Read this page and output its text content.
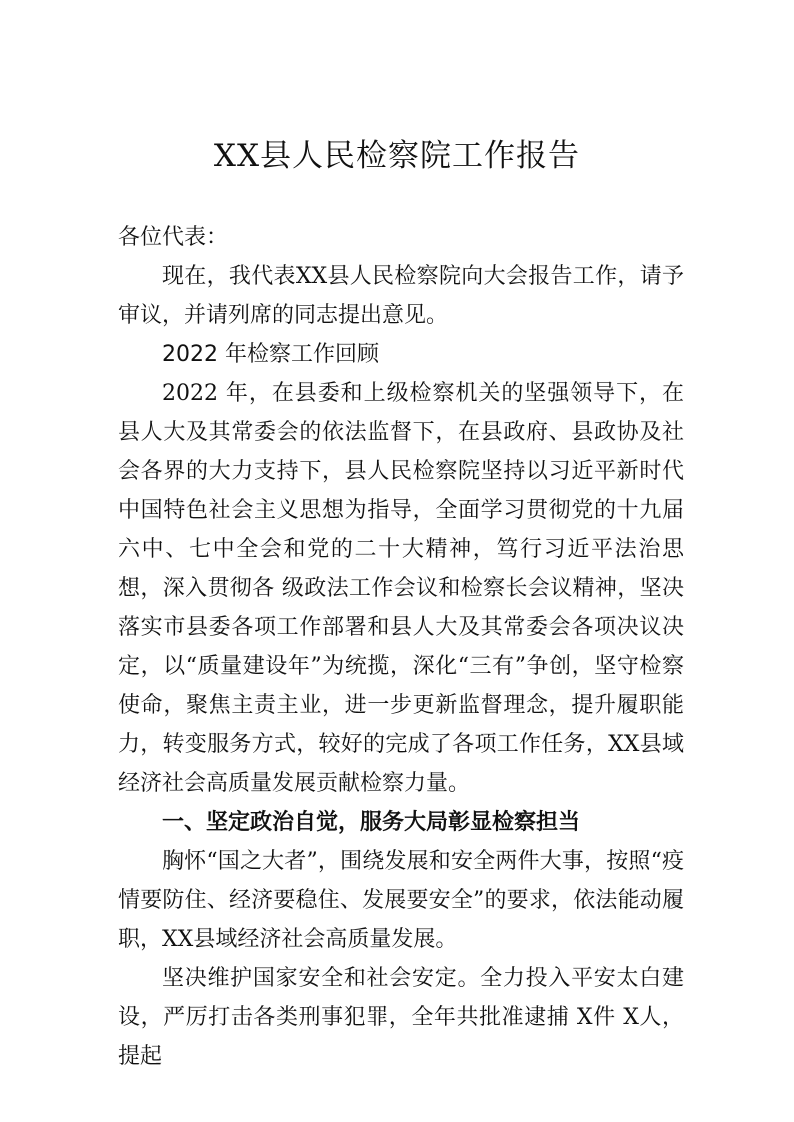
XX县人民检察院工作报告

各位代表：

现在，我代表XX县人民检察院向大会报告工作，请予审议，并请列席的同志提出意见。

2022 年检察工作回顾

2022 年，在县委和上级检察机关的坚强领导下，在县人大及其常委会的依法监督下，在县政府、县政协及社会各界的大力支持下，县人民检察院坚持以习近平新时代中国特色社会主义思想为指导，全面学习贯彻党的十九届六中、七中全会和党的二十大精神，笃行习近平法治思想，深入贯彻各 级政法工作会议和检察长会议精神，坚决落实市县委各项工作部署和县人大及其常委会各项决议决定，以“质量建设年”为统揽，深化“三有”争创，坚守检察使命，聚焦主责主业，进一步更新监督理念，提升履职能力，转变服务方式，较好的完成了各项工作任务，XX县域经济社会高质量发展贡献检察力量。

一、坚定政治自觉，服务大局彰显检察担当

胸怀“国之大者”，围绕发展和安全两件大事，按照“疫情要防住、经济要稳住、发展要安全”的要求，依法能动履职，XX县域经济社会高质量发展。

坚决维护国家安全和社会安定。全力投入平安太白建设，严厉打击各类刑事犯罪，全年共批准逮捕 X件 X人，提起
